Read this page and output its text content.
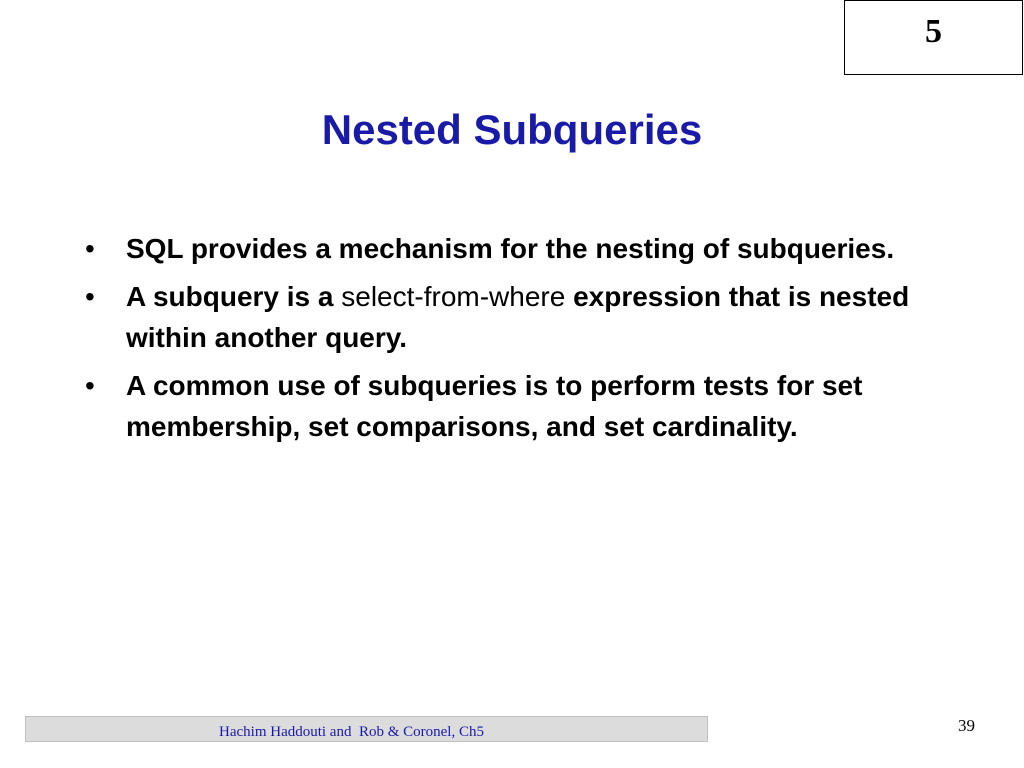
5
Nested Subqueries
• SQL provides a mechanism for the nesting of subqueries.
• A subquery is a select-from-where expression that is nested within another query.
• A common use of subqueries is to perform tests for set membership, set comparisons, and set cardinality.
Hachim Haddouti and  Rob & Coronel, Ch5	39
